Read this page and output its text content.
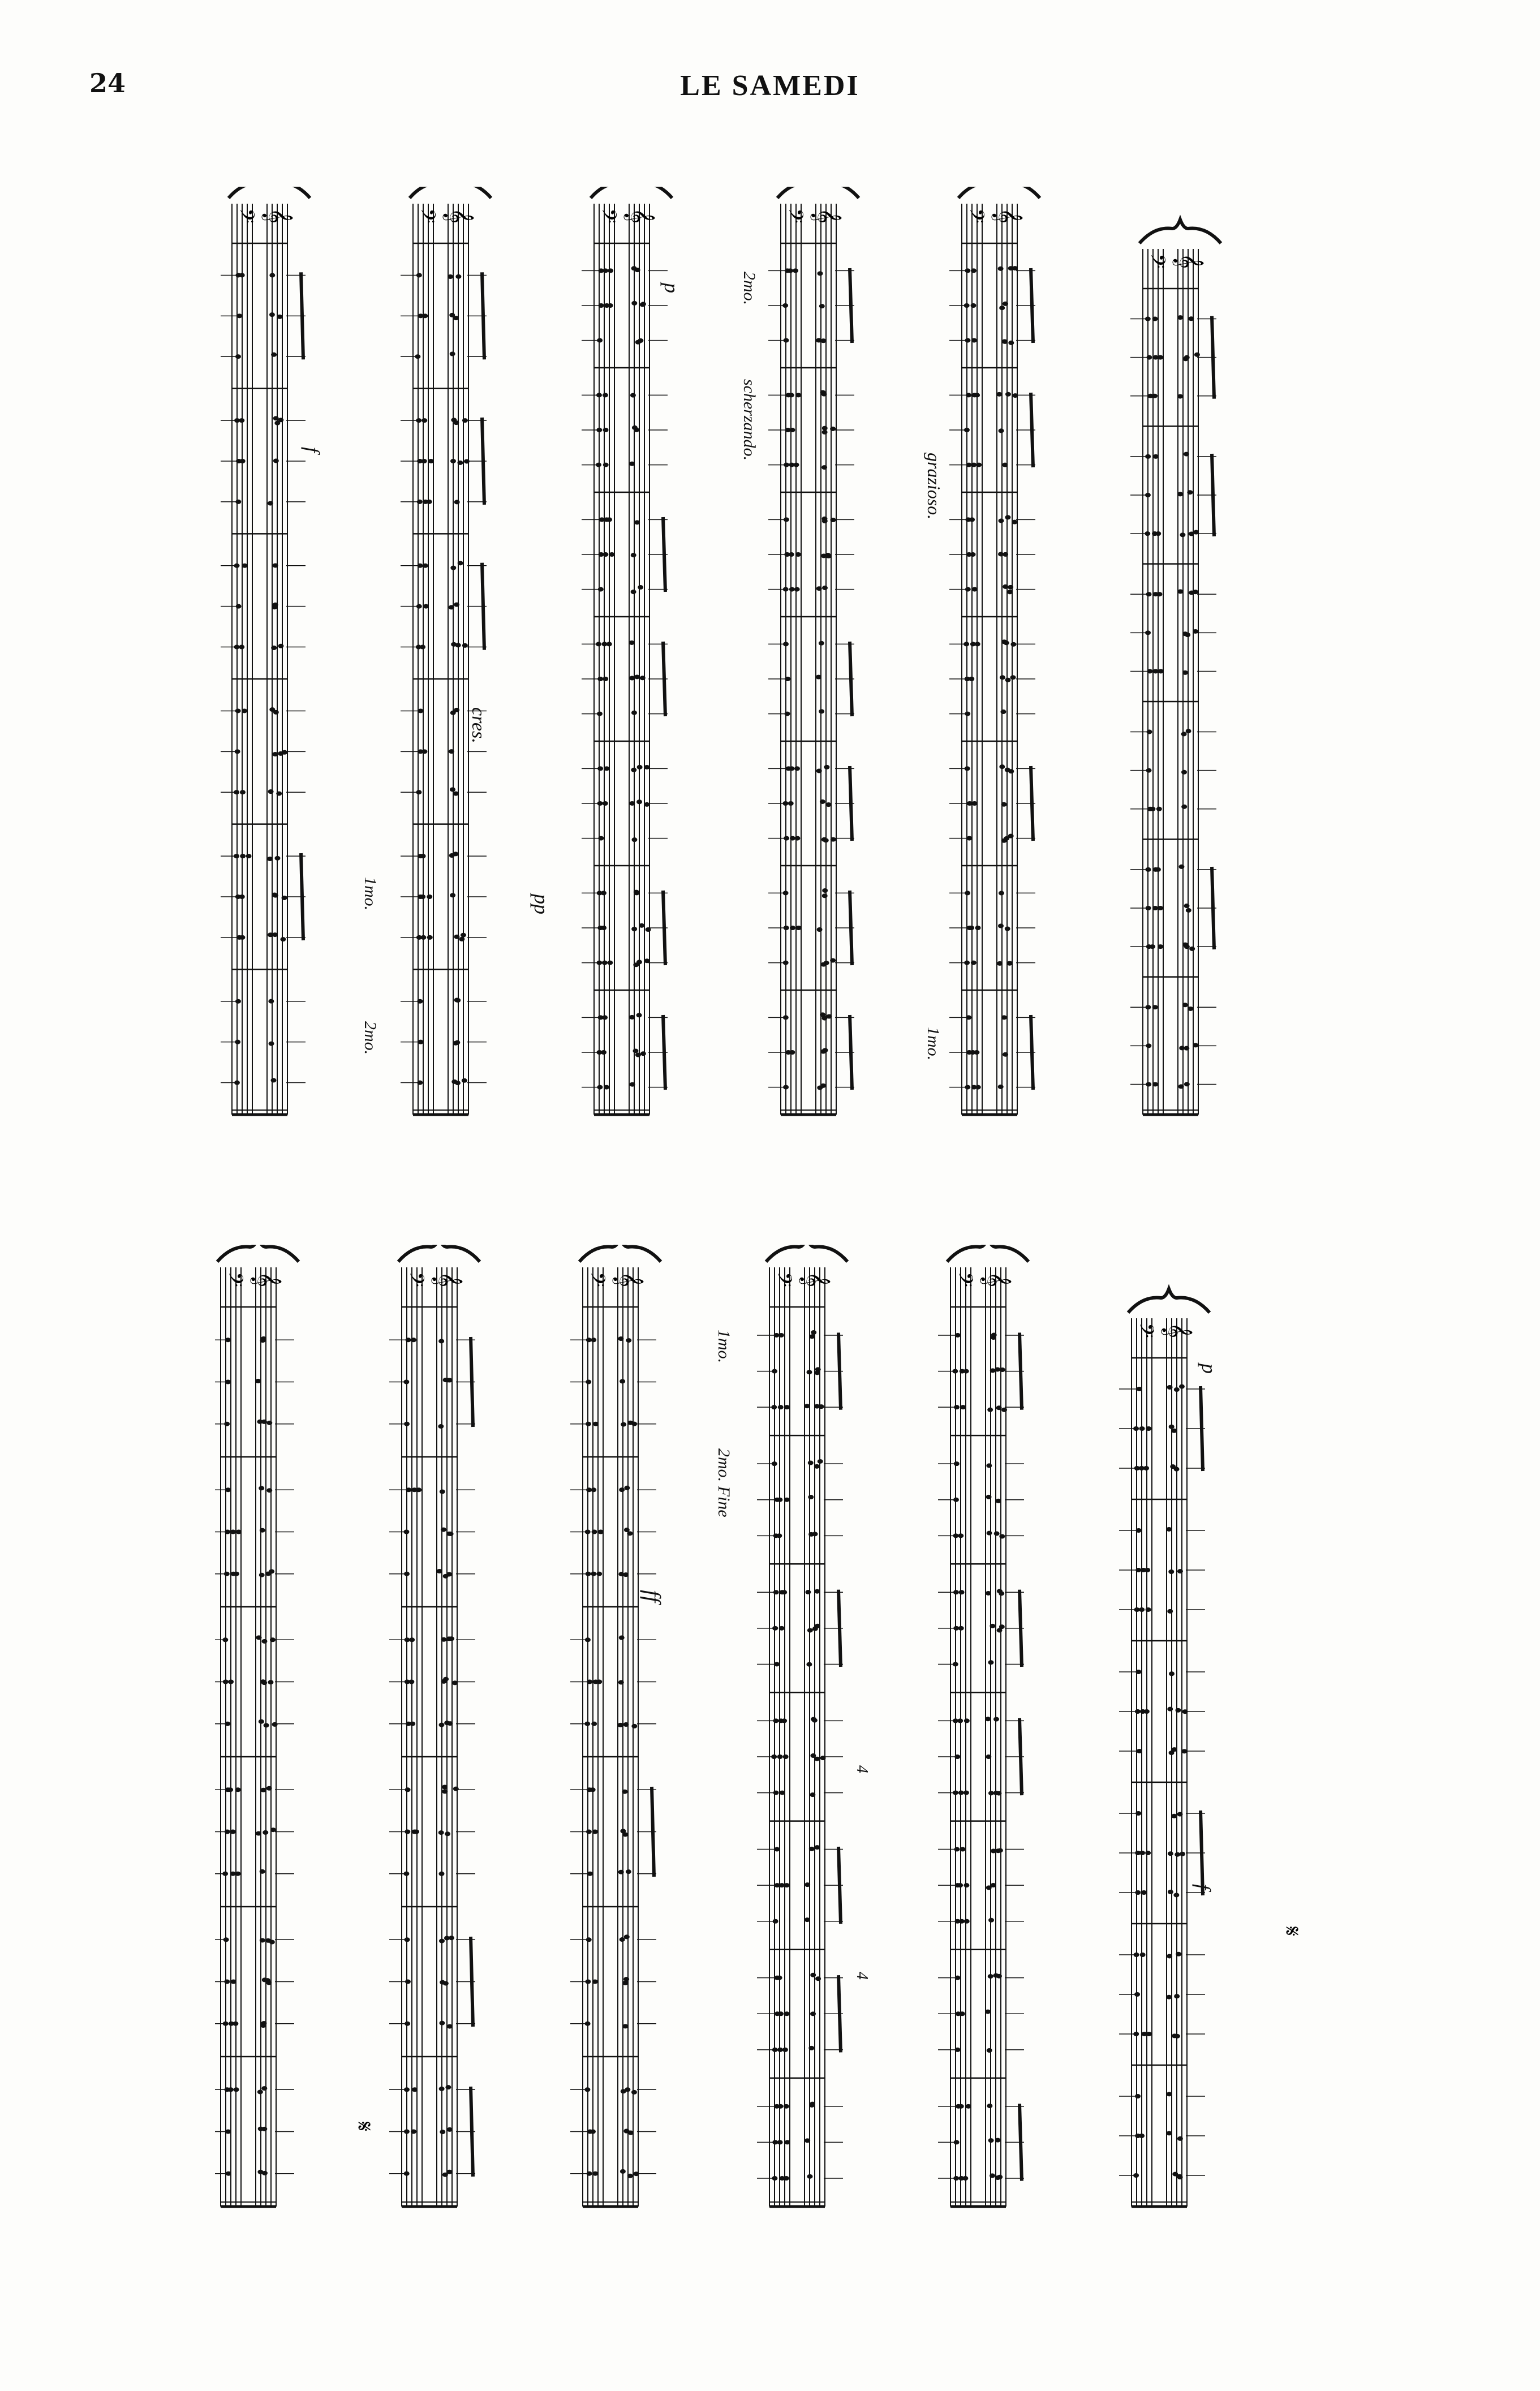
24	LE SAMEDI
𝄢 𝄞	𝄢 𝄞	𝄢 𝄞	𝄢 𝄞	𝄢 𝄞
𝄢 𝄞
1mo.
2mo.
cres.
2mo.
scherzando.
p
pp
grazioso.
1mo.
f
𝄢 𝄞	𝄢 𝄞	𝄢 𝄞	𝄢 𝄞	𝄢 𝄞
𝄢 𝄞
1mo.
2mo. Fine
ff
p
f
4
4
𝄋
𝄋
